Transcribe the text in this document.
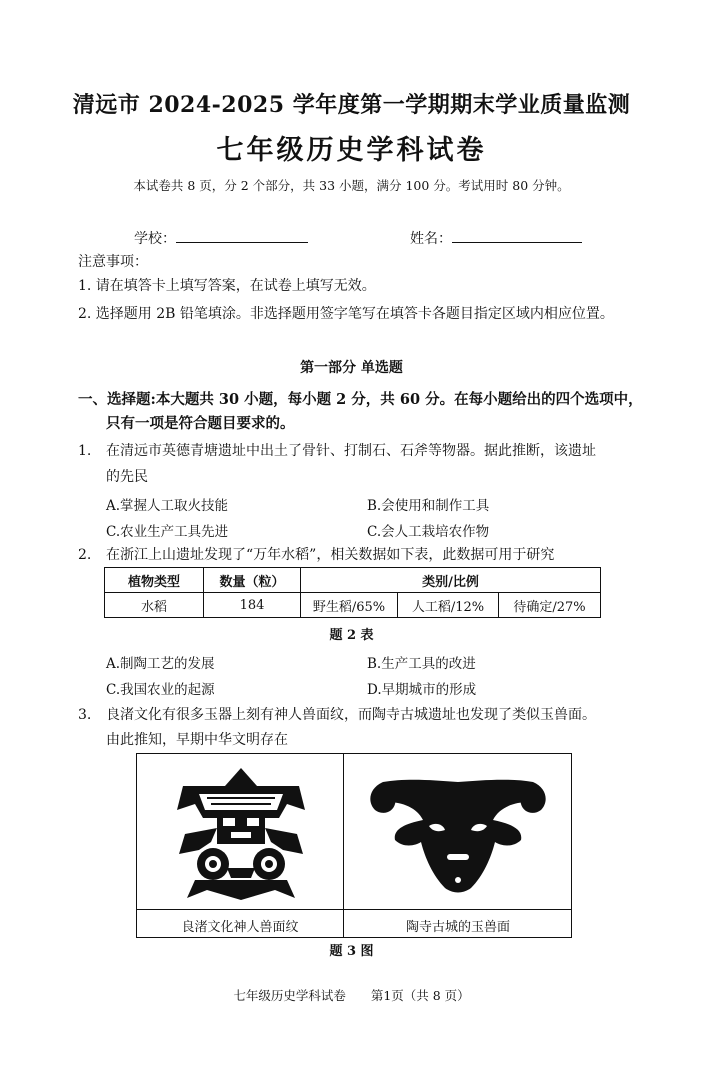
清远市 2024-2025 学年度第一学期期末学业质量监测
七年级历史学科试卷
本试卷共 8 页，分 2 个部分，共 33 小题，满分 100 分。考试用时 80 分钟。
学校：	姓名：
注意事项：
1. 请在填答卡上填写答案，在试卷上填写无效。
2. 选择题用 2B 铅笔填涂。非选择题用签字笔写在填答卡各题目指定区域内相应位置。
第一部分 单选题
一、选择题:本大题共 30 小题，每小题 2 分，共 60 分。在每小题给出的四个选项中，
只有一项是符合题目要求的。
1. 在清远市英德青塘遗址中出土了骨针、打制石、石斧等物器。据此推断，该遗址
的先民
A.掌握人工取火技能	B.会使用和制作工具
C.农业生产工具先进	C.会人工栽培农作物
2. 在浙江上山遗址发现了“万年水稻”，相关数据如下表，此数据可用于研究
植物类型	数量（粒）	类别/比例		
水稻	184	野生稻/65%	人工稻/12%	待确定/27%
题 2 表
A.制陶工艺的发展	B.生产工具的改进
C.我国农业的起源	D.早期城市的形成
3. 良渚文化有很多玉器上刻有神人兽面纹，而陶寺古城遗址也发现了类似玉兽面。
由此推知，早期中华文明存在
良渚文化神人兽面纹	陶寺古城的玉兽面
题 3 图
七年级历史学科试卷　　第1页（共 8 页）
